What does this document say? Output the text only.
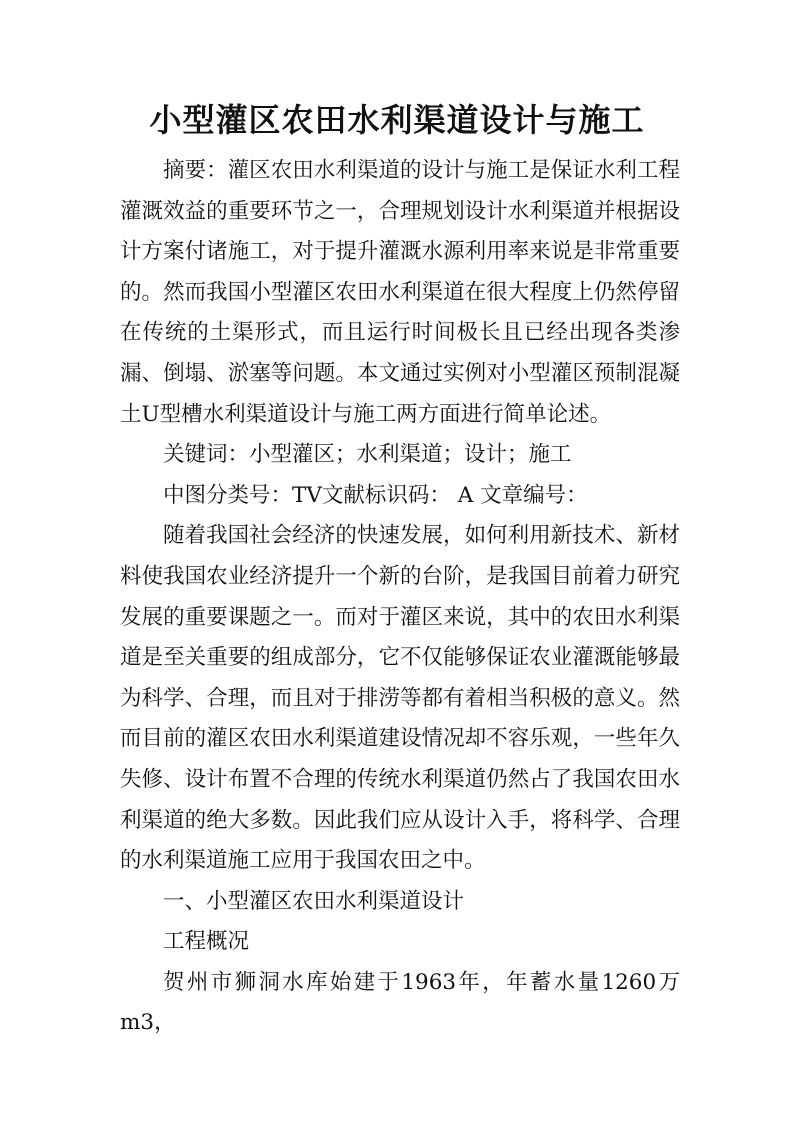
小型灌区农田水利渠道设计与施工

摘要：灌区农田水利渠道的设计与施工是保证水利工程灌溉效益的重要环节之一，合理规划设计水利渠道并根据设计方案付诸施工，对于提升灌溉水源利用率来说是非常重要的。然而我国小型灌区农田水利渠道在很大程度上仍然停留在传统的土渠形式，而且运行时间极长且已经出现各类渗漏、倒塌、淤塞等问题。本文通过实例对小型灌区预制混凝土U型槽水利渠道设计与施工两方面进行简单论述。

关键词：小型灌区；水利渠道；设计；施工

中图分类号：TV文献标识码： A 文章编号：

随着我国社会经济的快速发展，如何利用新技术、新材料使我国农业经济提升一个新的台阶，是我国目前着力研究发展的重要课题之一。而对于灌区来说，其中的农田水利渠道是至关重要的组成部分，它不仅能够保证农业灌溉能够最为科学、合理，而且对于排涝等都有着相当积极的意义。然而目前的灌区农田水利渠道建设情况却不容乐观，一些年久失修、设计布置不合理的传统水利渠道仍然占了我国农田水利渠道的绝大多数。因此我们应从设计入手，将科学、合理的水利渠道施工应用于我国农田之中。

一、小型灌区农田水利渠道设计

工程概况

贺州市狮洞水库始建于1963年，年蓄水量1260万m3，
